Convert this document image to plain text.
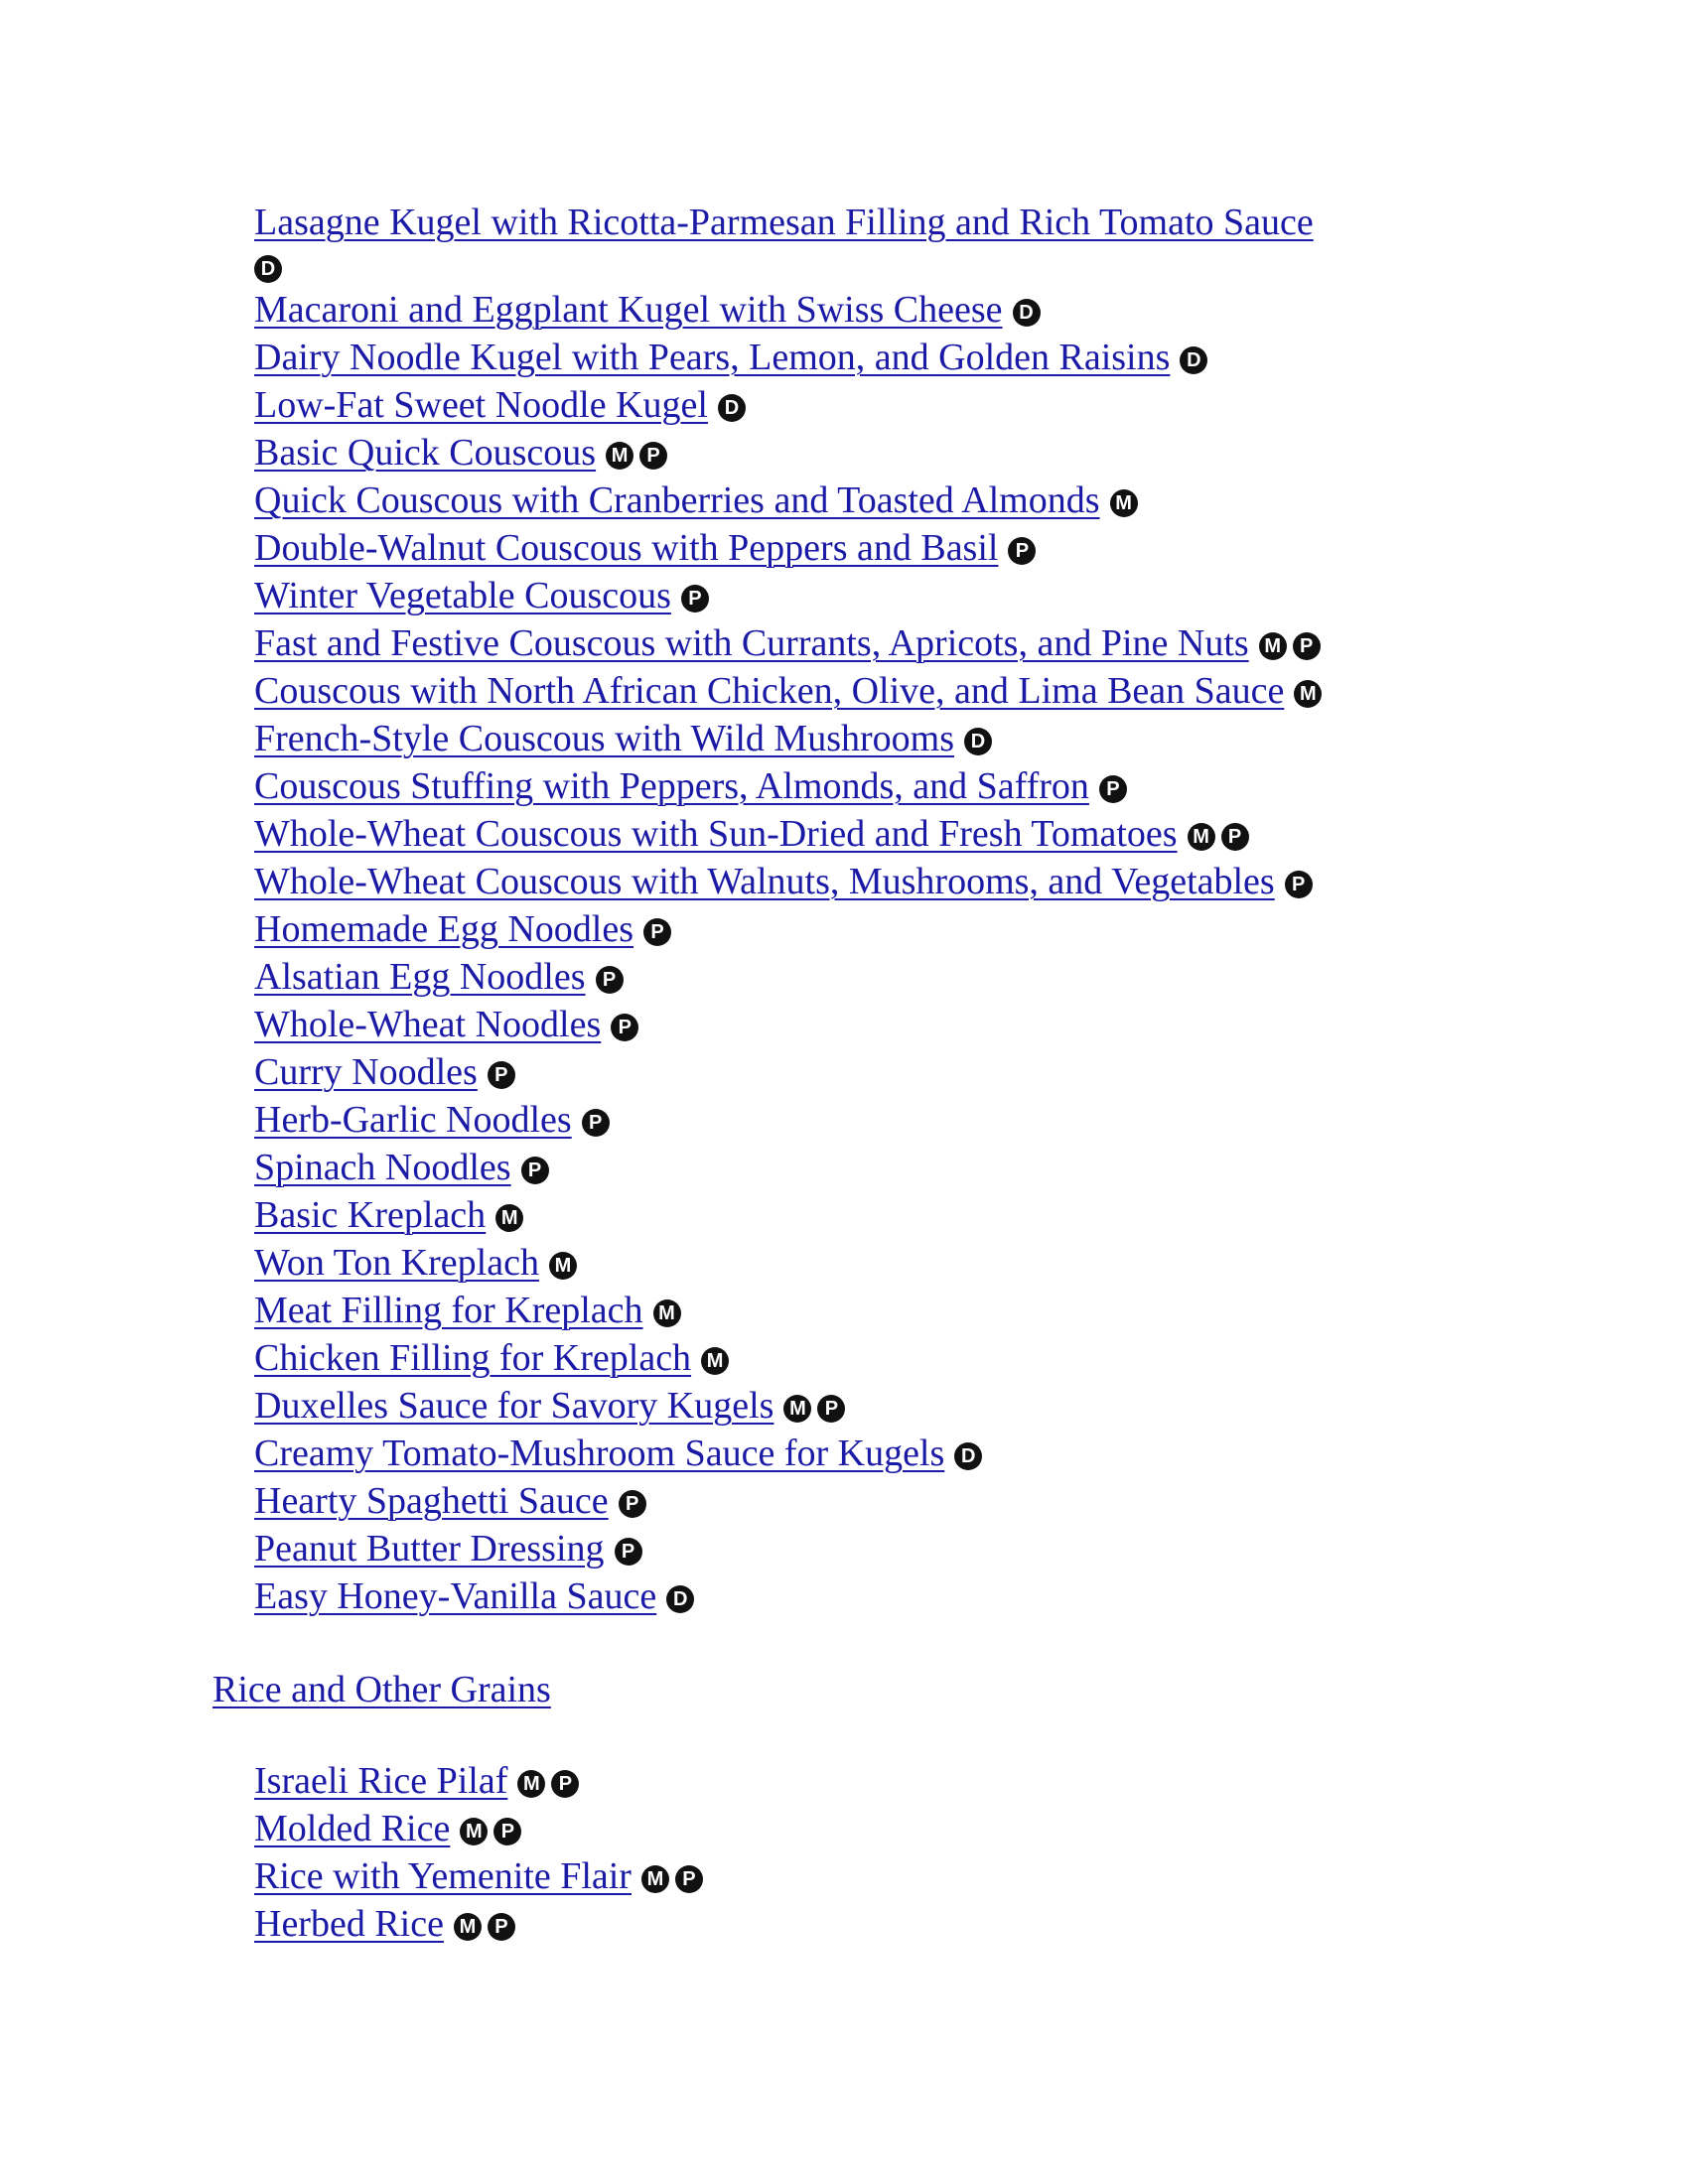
Lasagne Kugel with Ricotta-Parmesan Filling and Rich Tomato Sauce
D
Macaroni and Eggplant Kugel with Swiss Cheese D
Dairy Noodle Kugel with Pears, Lemon, and Golden Raisins D
Low-Fat Sweet Noodle Kugel D
Basic Quick Couscous M P
Quick Couscous with Cranberries and Toasted Almonds M
Double-Walnut Couscous with Peppers and Basil P
Winter Vegetable Couscous P
Fast and Festive Couscous with Currants, Apricots, and Pine Nuts M P
Couscous with North African Chicken, Olive, and Lima Bean Sauce M
French-Style Couscous with Wild Mushrooms D
Couscous Stuffing with Peppers, Almonds, and Saffron P
Whole-Wheat Couscous with Sun-Dried and Fresh Tomatoes M P
Whole-Wheat Couscous with Walnuts, Mushrooms, and Vegetables P
Homemade Egg Noodles P
Alsatian Egg Noodles P
Whole-Wheat Noodles P
Curry Noodles P
Herb-Garlic Noodles P
Spinach Noodles P
Basic Kreplach M
Won Ton Kreplach M
Meat Filling for Kreplach M
Chicken Filling for Kreplach M
Duxelles Sauce for Savory Kugels M P
Creamy Tomato-Mushroom Sauce for Kugels D
Hearty Spaghetti Sauce P
Peanut Butter Dressing P
Easy Honey-Vanilla Sauce D
Rice and Other Grains
Israeli Rice Pilaf M P
Molded Rice M P
Rice with Yemenite Flair M P
Herbed Rice M P
